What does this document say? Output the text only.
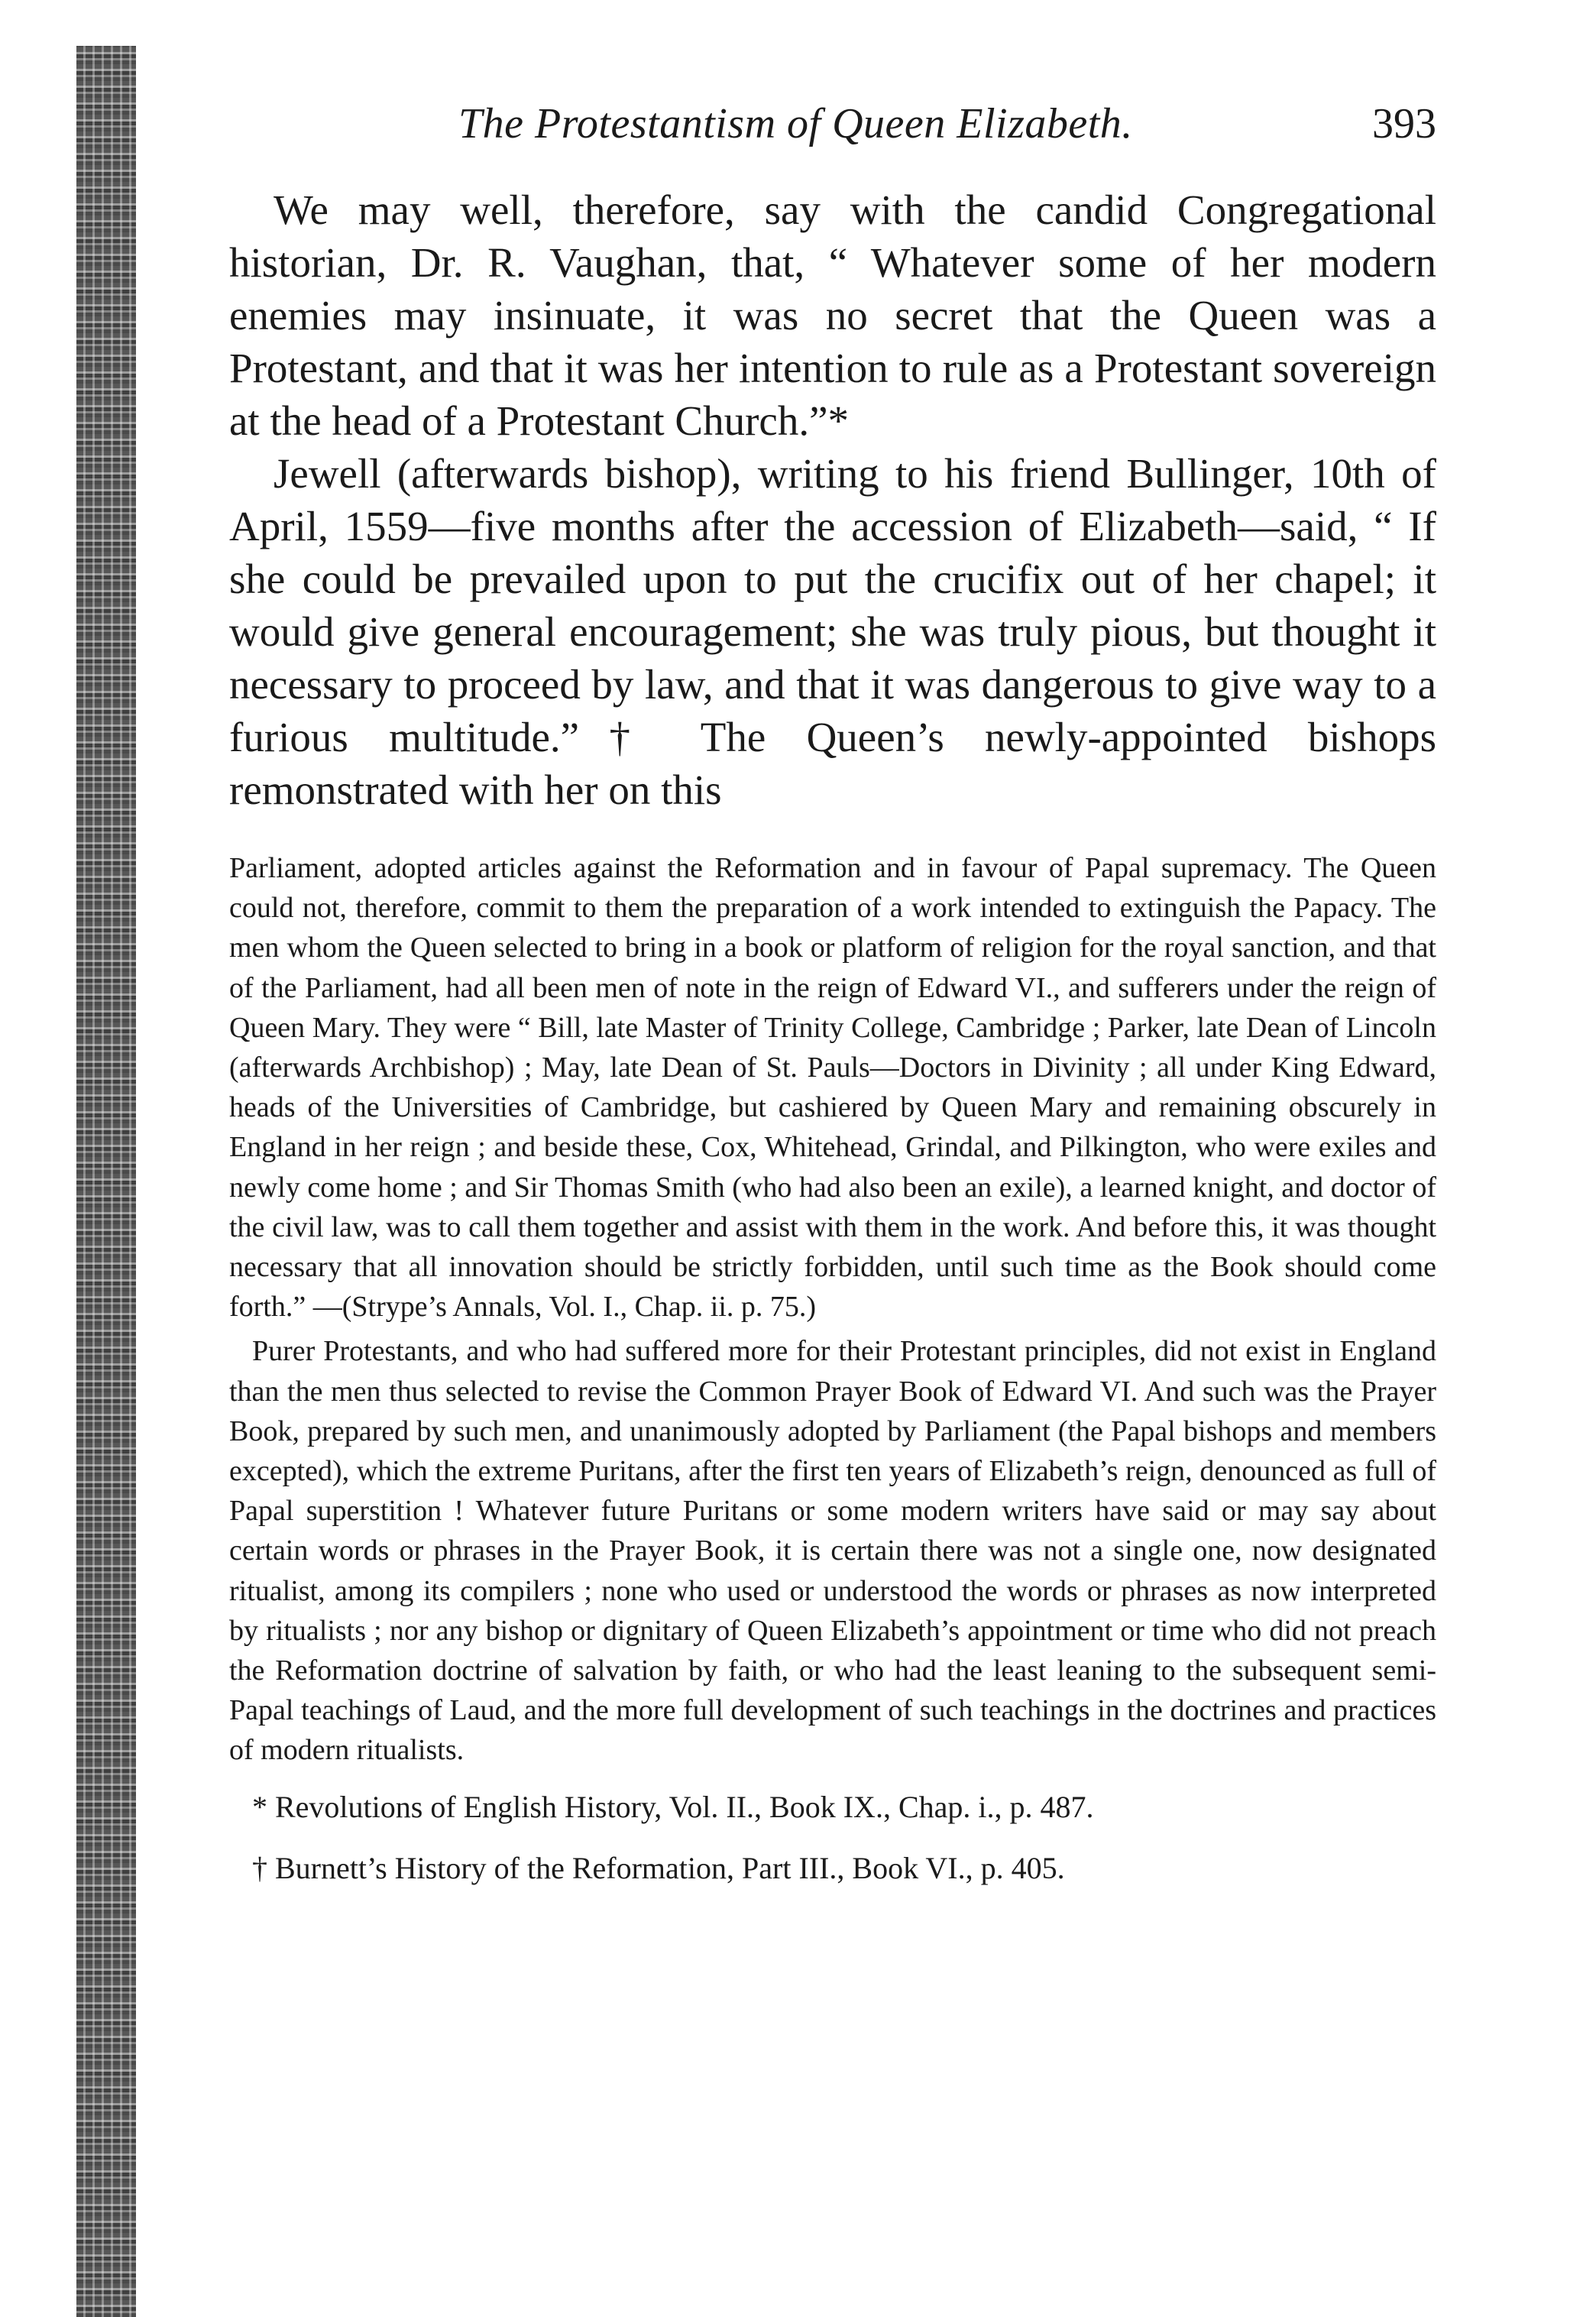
The Protestantism of Queen Elizabeth.	393

We may well, therefore, say with the candid Congregational historian, Dr. R. Vaughan, that, “ Whatever some of her modern enemies may insinuate, it was no secret that the Queen was a Protestant, and that it was her intention to rule as a Protestant sovereign at the head of a Protestant Church.”*

Jewell (afterwards bishop), writing to his friend Bullinger, 10th of April, 1559—five months after the accession of Elizabeth—said, “ If she could be prevailed upon to put the crucifix out of her chapel; it would give general encouragement; she was truly pious, but thought it necessary to proceed by law, and that it was dangerous to give way to a furious multitude.”† The Queen’s newly-appointed bishops remonstrated with her on this

Parliament, adopted articles against the Reformation and in favour of Papal supremacy. The Queen could not, therefore, commit to them the preparation of a work intended to extinguish the Papacy. The men whom the Queen selected to bring in a book or platform of religion for the royal sanction, and that of the Parliament, had all been men of note in the reign of Edward VI., and sufferers under the reign of Queen Mary. They were “ Bill, late Master of Trinity College, Cambridge ; Parker, late Dean of Lincoln (afterwards Archbishop) ; May, late Dean of St. Pauls—Doctors in Divinity ; all under King Edward, heads of the Universities of Cambridge, but cashiered by Queen Mary and remaining obscurely in England in her reign ; and beside these, Cox, Whitehead, Grindal, and Pilkington, who were exiles and newly come home ; and Sir Thomas Smith (who had also been an exile), a learned knight, and doctor of the civil law, was to call them together and assist with them in the work. And before this, it was thought necessary that all innovation should be strictly forbidden, until such time as the Book should come forth.” —(Strype’s Annals, Vol. I., Chap. ii. p. 75.)

Purer Protestants, and who had suffered more for their Protestant principles, did not exist in England than the men thus selected to revise the Common Prayer Book of Edward VI. And such was the Prayer Book, prepared by such men, and unanimously adopted by Parliament (the Papal bishops and members excepted), which the extreme Puritans, after the first ten years of Elizabeth’s reign, denounced as full of Papal superstition ! Whatever future Puritans or some modern writers have said or may say about certain words or phrases in the Prayer Book, it is certain there was not a single one, now designated ritualist, among its compilers ; none who used or understood the words or phrases as now interpreted by ritualists ; nor any bishop or dignitary of Queen Elizabeth’s appointment or time who did not preach the Reformation doctrine of salvation by faith, or who had the least leaning to the subsequent semi-Papal teachings of Laud, and the more full development of such teachings in the doctrines and practices of modern ritualists.

* Revolutions of English History, Vol. II., Book IX., Chap. i., p. 487.

† Burnett’s History of the Reformation, Part III., Book VI., p. 405.
